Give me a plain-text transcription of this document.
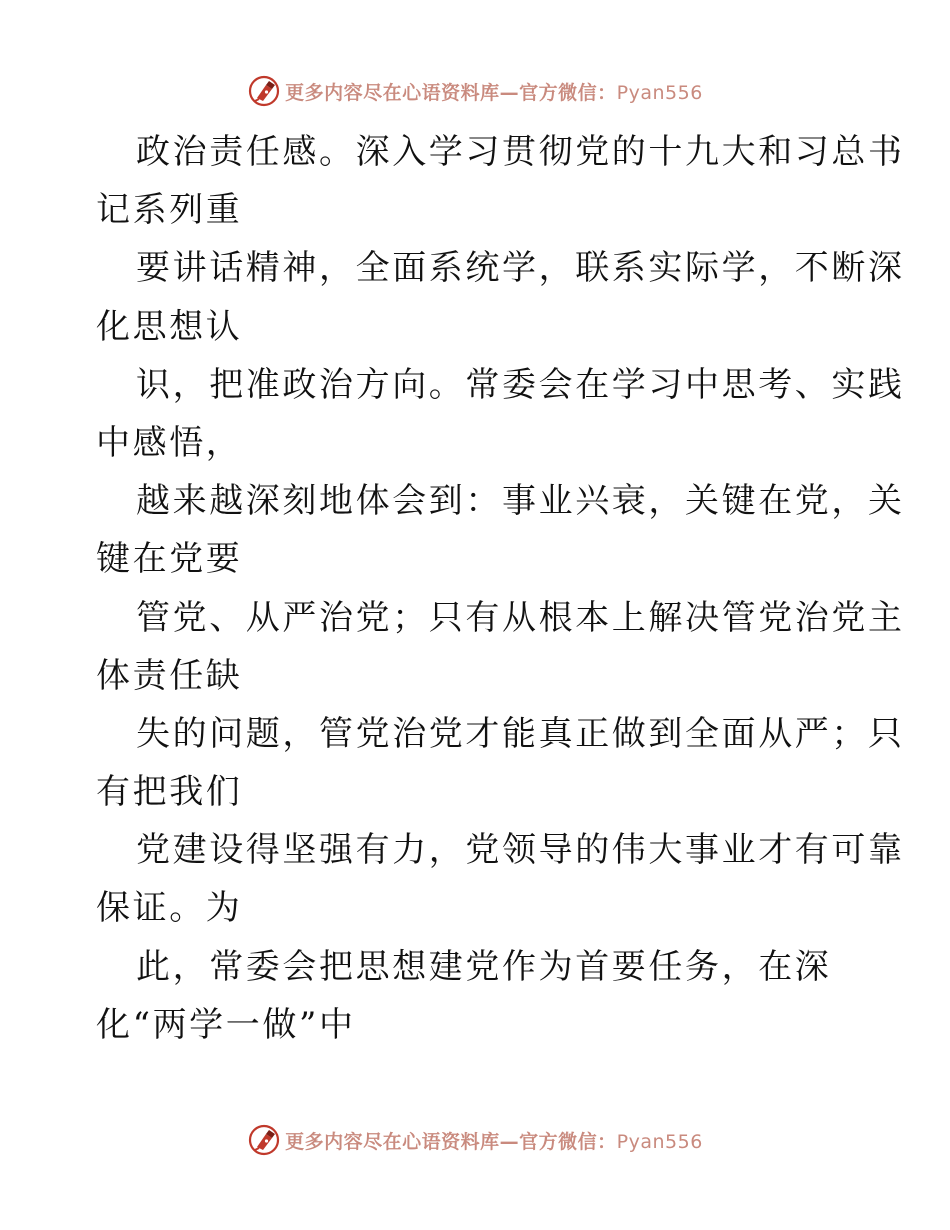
更多内容尽在心语资料库—官方微信：Pyan556
政治责任感。深入学习贯彻党的十九大和习总书
记系列重
要讲话精神，全面系统学，联系实际学，不断深
化思想认
识，把准政治方向。常委会在学习中思考、实践
中感悟，
越来越深刻地体会到：事业兴衰，关键在党，关
键在党要
管党、从严治党；只有从根本上解决管党治党主
体责任缺
失的问题，管党治党才能真正做到全面从严；只
有把我们
党建设得坚强有力，党领导的伟大事业才有可靠
保证。为
此，常委会把思想建党作为首要任务，在深
化“两学一做”中
更多内容尽在心语资料库—官方微信：Pyan556
